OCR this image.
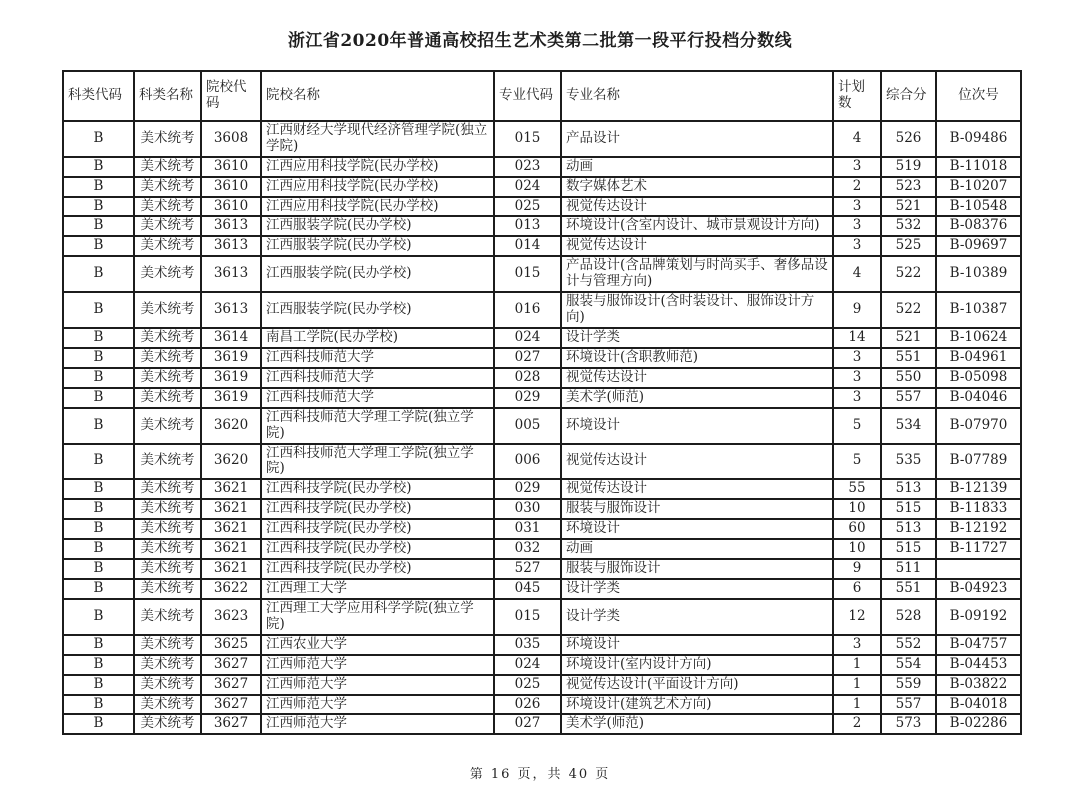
浙江省2020年普通高校招生艺术类第二批第一段平行投档分数线
科类代码	科类名称	院校代码	院校名称	专业代码	专业名称	计划数	综合分	位次号
B	美术统考	3608	江西财经大学现代经济管理学院(独立学院)	015	产品设计	4	526	B-09486
B	美术统考	3610	江西应用科技学院(民办学校)	023	动画	3	519	B-11018
B	美术统考	3610	江西应用科技学院(民办学校)	024	数字媒体艺术	2	523	B-10207
B	美术统考	3610	江西应用科技学院(民办学校)	025	视觉传达设计	3	521	B-10548
B	美术统考	3613	江西服装学院(民办学校)	013	环境设计(含室内设计、城市景观设计方向)	3	532	B-08376
B	美术统考	3613	江西服装学院(民办学校)	014	视觉传达设计	3	525	B-09697
B	美术统考	3613	江西服装学院(民办学校)	015	产品设计(含品牌策划与时尚买手、奢侈品设计与管理方向)	4	522	B-10389
B	美术统考	3613	江西服装学院(民办学校)	016	服装与服饰设计(含时装设计、服饰设计方向)	9	522	B-10387
B	美术统考	3614	南昌工学院(民办学校)	024	设计学类	14	521	B-10624
B	美术统考	3619	江西科技师范大学	027	环境设计(含职教师范)	3	551	B-04961
B	美术统考	3619	江西科技师范大学	028	视觉传达设计	3	550	B-05098
B	美术统考	3619	江西科技师范大学	029	美术学(师范)	3	557	B-04046
B	美术统考	3620	江西科技师范大学理工学院(独立学院)	005	环境设计	5	534	B-07970
B	美术统考	3620	江西科技师范大学理工学院(独立学院)	006	视觉传达设计	5	535	B-07789
B	美术统考	3621	江西科技学院(民办学校)	029	视觉传达设计	55	513	B-12139
B	美术统考	3621	江西科技学院(民办学校)	030	服装与服饰设计	10	515	B-11833
B	美术统考	3621	江西科技学院(民办学校)	031	环境设计	60	513	B-12192
B	美术统考	3621	江西科技学院(民办学校)	032	动画	10	515	B-11727
B	美术统考	3621	江西科技学院(民办学校)	527	服装与服饰设计	9	511	
B	美术统考	3622	江西理工大学	045	设计学类	6	551	B-04923
B	美术统考	3623	江西理工大学应用科学学院(独立学院)	015	设计学类	12	528	B-09192
B	美术统考	3625	江西农业大学	035	环境设计	3	552	B-04757
B	美术统考	3627	江西师范大学	024	环境设计(室内设计方向)	1	554	B-04453
B	美术统考	3627	江西师范大学	025	视觉传达设计(平面设计方向)	1	559	B-03822
B	美术统考	3627	江西师范大学	026	环境设计(建筑艺术方向)	1	557	B-04018
B	美术统考	3627	江西师范大学	027	美术学(师范)	2	573	B-02286
第 16 页，共 40 页
